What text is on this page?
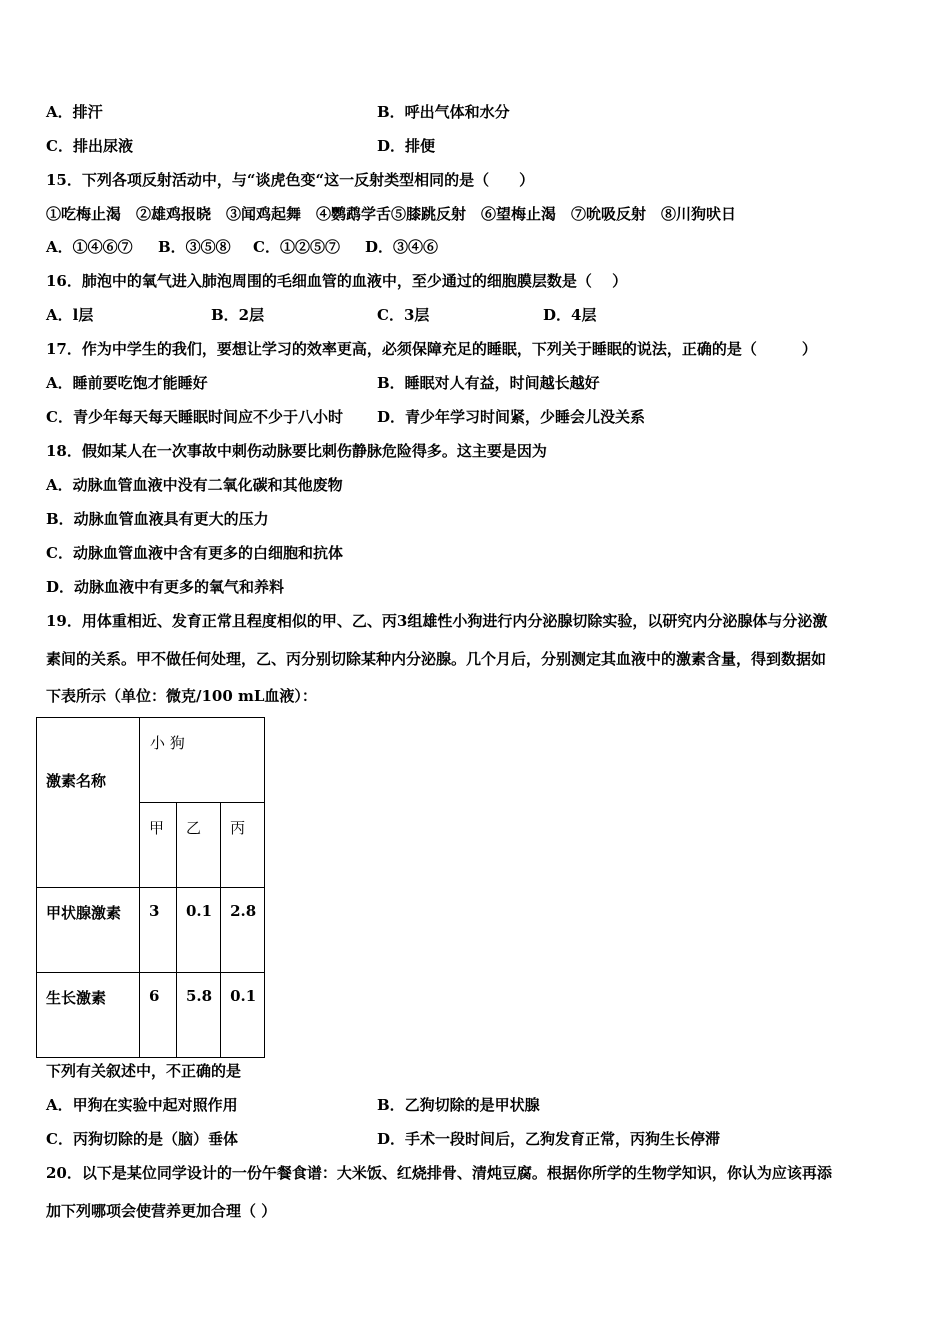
A．排汗	B．呼出气体和水分
C．排出尿液	D．排便
15．下列各项反射活动中，与“谈虎色变“这一反射类型相同的是（　　）
①吃梅止渴　②雄鸡报晓　③闻鸡起舞　④鹦鹉学舌⑤膝跳反射　⑥望梅止渴　⑦吮吸反射　⑧川狗吠日
A．①④⑥⑦ B．③⑤⑧ C．①②⑤⑦ D．③④⑥
16．肺泡中的氧气进入肺泡周围的毛细血管的血液中，至少通过的细胞膜层数是（　 ）
A．l层	B．2层	C．3层	D．4层
17．作为中学生的我们，要想让学习的效率更高，必须保障充足的睡眠，下列关于睡眠的说法，正确的是（　　　）
A．睡前要吃饱才能睡好	B．睡眠对人有益，时间越长越好
C．青少年每天每天睡眠时间应不少于八小时 D．青少年学习时间紧，少睡会儿没关系
18．假如某人在一次事故中刺伤动脉要比刺伤静脉危险得多。这主要是因为
A．动脉血管血液中没有二氧化碳和其他废物
B．动脉血管血液具有更大的压力
C．动脉血管血液中含有更多的白细胞和抗体
D．动脉血液中有更多的氧气和养料
19．用体重相近、发育正常且程度相似的甲、乙、丙3组雄性小狗进行内分泌腺切除实验，以研究内分泌腺体与分泌激
素间的关系。甲不做任何处理，乙、丙分别切除某种内分泌腺。几个月后，分别测定其血液中的激素含量，得到数据如
下表所示（单位：微克/100 mL血液）：
激素名称	小 狗		

	甲	乙	丙

甲状腺激素	3	0.1	2.8

生长激素	6	5.8	0.1
下列有关叙述中，不正确的是
A．甲狗在实验中起对照作用	B．乙狗切除的是甲状腺
C．丙狗切除的是（脑）垂体	D．手术一段时间后，乙狗发育正常，丙狗生长停滞
20．以下是某位同学设计的一份午餐食谱：大米饭、红烧排骨、清炖豆腐。根据你所学的生物学知识，你认为应该再添
加下列哪项会使营养更加合理（ ）
